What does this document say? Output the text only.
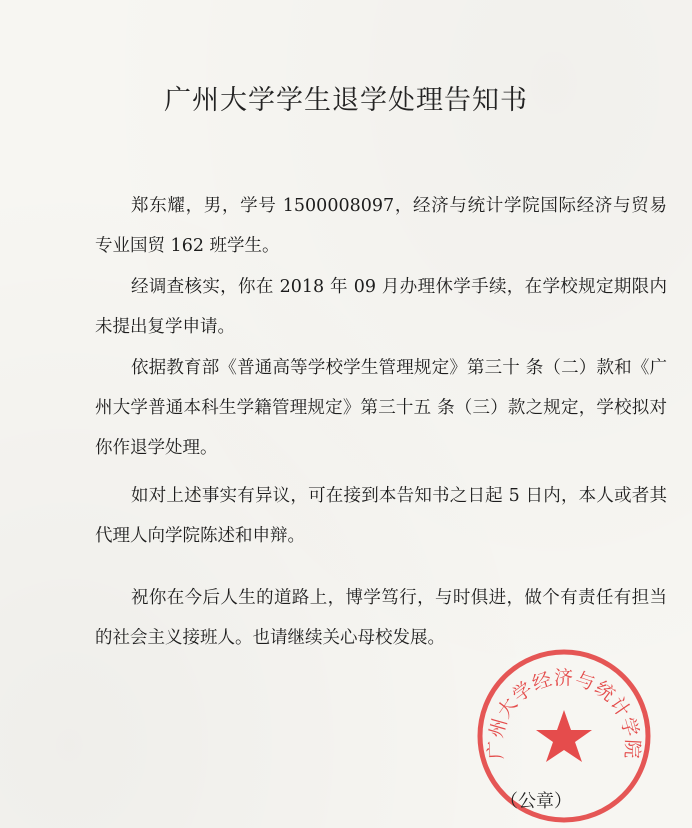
广州大学学生退学处理告知书

郑东耀，男，学号 1500008097，经济与统计学院国际经济与贸易专业国贸 162 班学生。

经调查核实，你在 2018 年 09 月办理休学手续，在学校规定期限内未提出复学申请。

依据教育部《普通高等学校学生管理规定》第三十 条（二）款和《广州大学普通本科生学籍管理规定》第三十五 条（三）款之规定，学校拟对你作退学处理。

如对上述事实有异议，可在接到本告知书之日起 5 日内，本人或者其代理人向学院陈述和申辩。

祝你在今后人生的道路上，博学笃行，与时俱进，做个有责任有担当的社会主义接班人。也请继续关心母校发展。

广州大学经济与统计学院
（公章）
